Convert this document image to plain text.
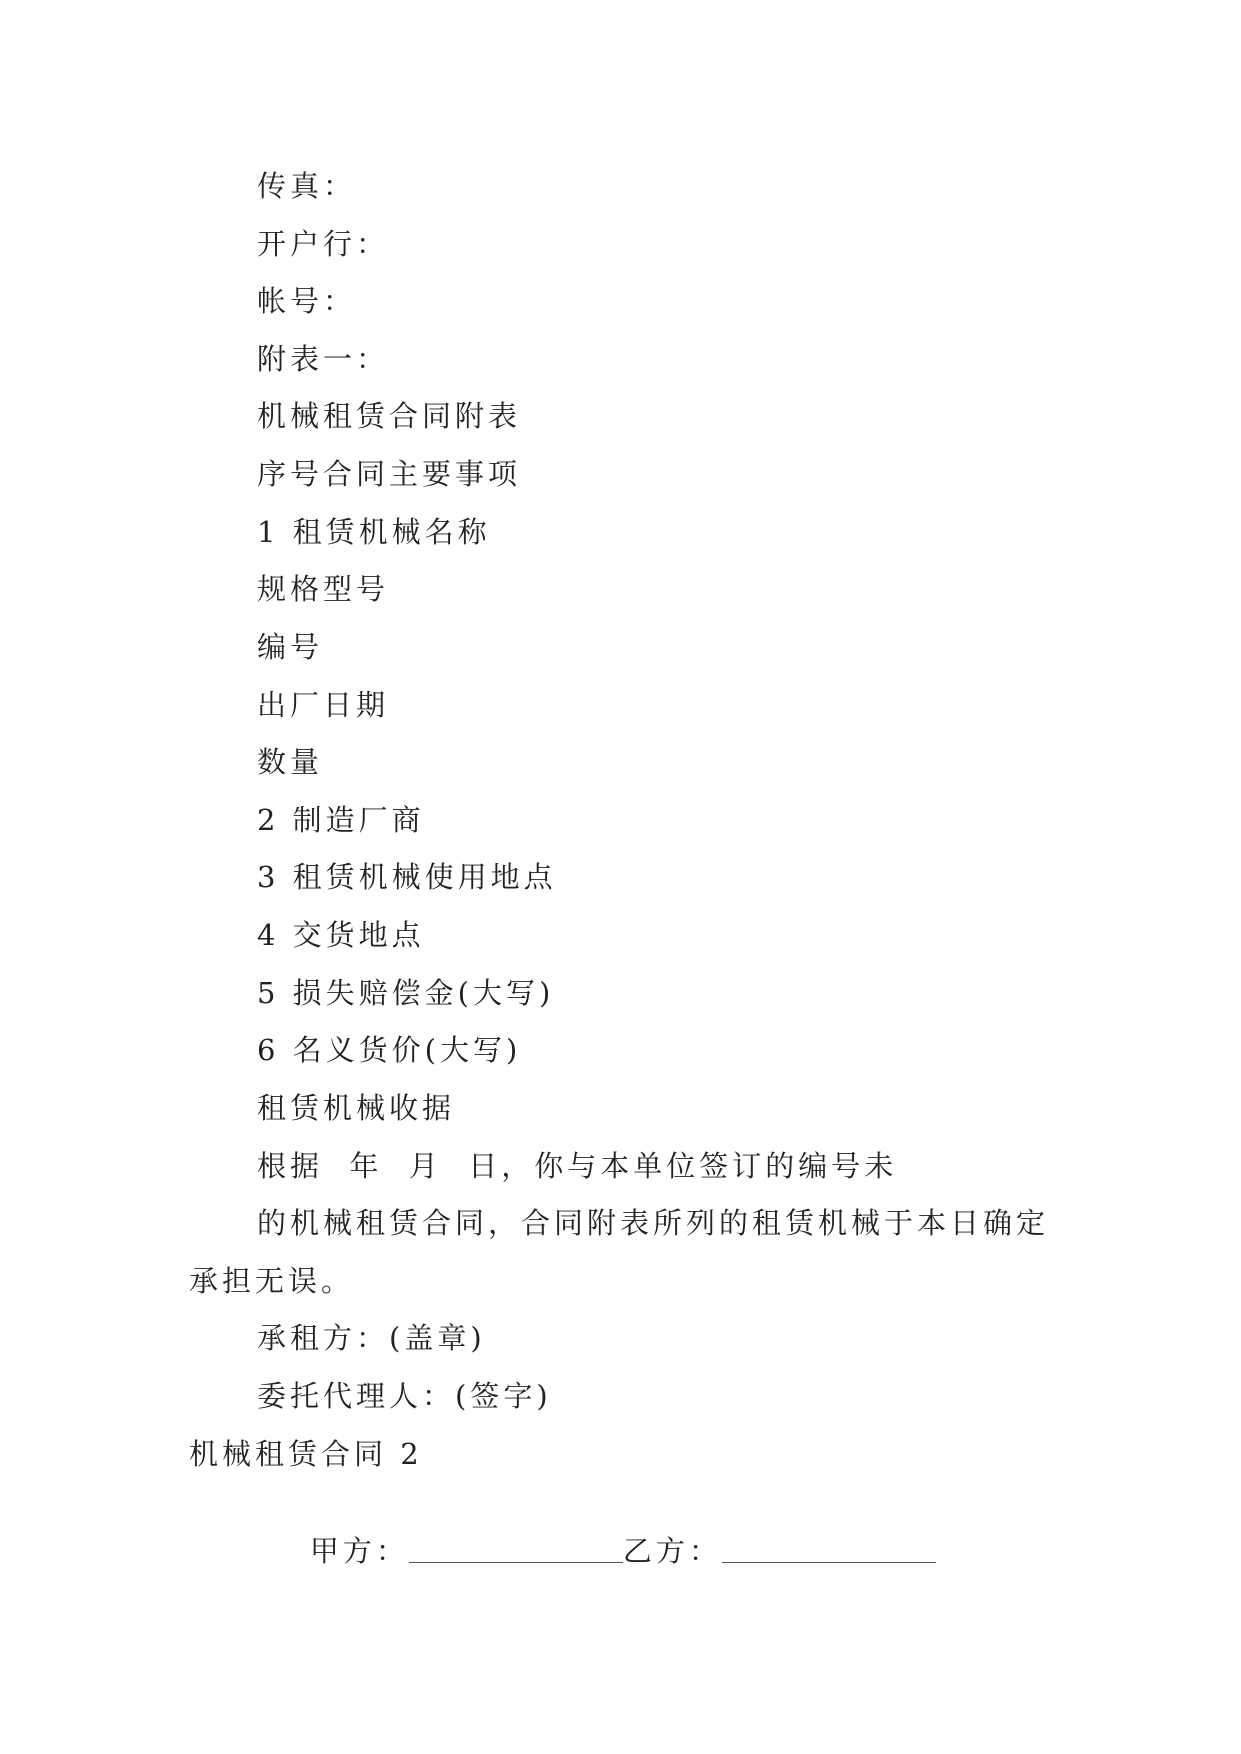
传真：
开户行：
帐号：
附表一：
机械租赁合同附表
序号合同主要事项
1 租赁机械名称
规格型号
编号
出厂日期
数量
2 制造厂商
3 租赁机械使用地点
4 交货地点
5 损失赔偿金(大写)
6 名义货价(大写)
租赁机械收据
根据  年  月  日，你与本单位签订的编号未
的机械租赁合同，合同附表所列的租赁机械于本日确定
承担无误。
承租方：(盖章)
委托代理人：(签字)
机械租赁合同 2

甲方：	乙方：
